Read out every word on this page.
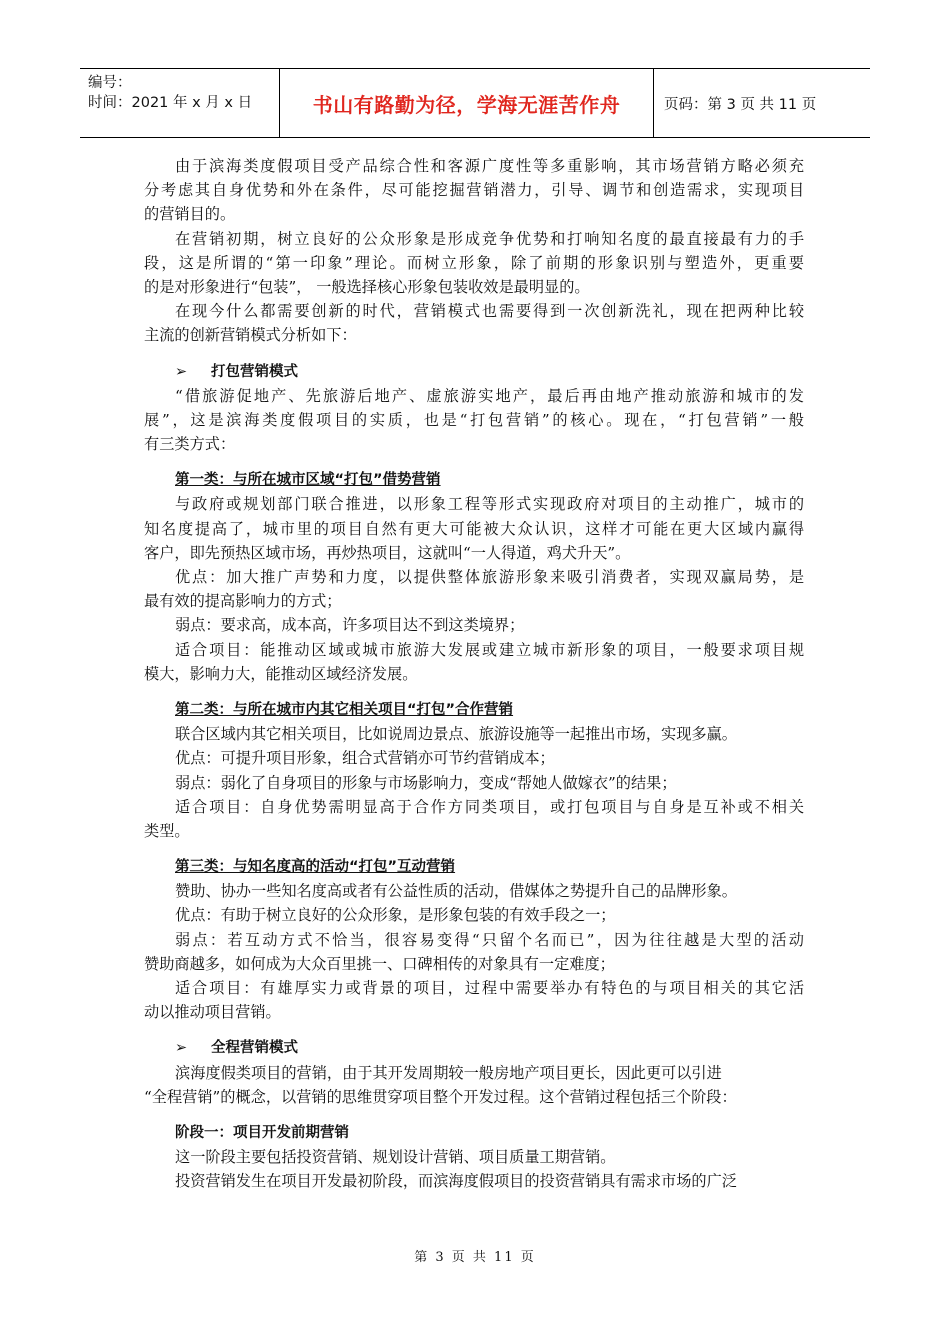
编号：
时间：2021 年 x 月 x 日	书山有路勤为径，学海无涯苦作舟	页码：第 3 页 共 11 页
由于滨海类度假项目受产品综合性和客源广度性等多重影响，其市场营销方略必须充
分考虑其自身优势和外在条件，尽可能挖掘营销潜力，引导、调节和创造需求，实现项目
的营销目的。
在营销初期，树立良好的公众形象是形成竞争优势和打响知名度的最直接最有力的手
段，这是所谓的“第一印象”理论。而树立形象，除了前期的形象识别与塑造外，更重要
的是对形象进行“包装”， 一般选择核心形象包装收效是最明显的。
在现今什么都需要创新的时代，营销模式也需要得到一次创新洗礼，现在把两种比较
主流的创新营销模式分析如下：
➢ 打包营销模式
“借旅游促地产、先旅游后地产、虚旅游实地产，最后再由地产推动旅游和城市的发
展”，这是滨海类度假项目的实质，也是“打包营销”的核心。现在，“打包营销”一般
有三类方式：
第一类：与所在城市区域“打包”借势营销
与政府或规划部门联合推进，以形象工程等形式实现政府对项目的主动推广，城市的
知名度提高了，城市里的项目自然有更大可能被大众认识，这样才可能在更大区域内赢得
客户，即先预热区域市场，再炒热项目，这就叫“一人得道，鸡犬升天”。
优点：加大推广声势和力度，以提供整体旅游形象来吸引消费者，实现双赢局势，是
最有效的提高影响力的方式；
弱点：要求高，成本高，许多项目达不到这类境界；
适合项目：能推动区域或城市旅游大发展或建立城市新形象的项目，一般要求项目规
模大，影响力大，能推动区域经济发展。
第二类：与所在城市内其它相关项目“打包”合作营销
联合区域内其它相关项目，比如说周边景点、旅游设施等一起推出市场，实现多赢。
优点：可提升项目形象，组合式营销亦可节约营销成本；
弱点：弱化了自身项目的形象与市场影响力，变成“帮她人做嫁衣”的结果；
适合项目：自身优势需明显高于合作方同类项目，或打包项目与自身是互补或不相关
类型。
第三类：与知名度高的活动“打包”互动营销
赞助、协办一些知名度高或者有公益性质的活动，借媒体之势提升自己的品牌形象。
优点：有助于树立良好的公众形象，是形象包装的有效手段之一；
弱点：若互动方式不恰当，很容易变得“只留个名而已”，因为往往越是大型的活动
赞助商越多，如何成为大众百里挑一、口碑相传的对象具有一定难度；
适合项目：有雄厚实力或背景的项目，过程中需要举办有特色的与项目相关的其它活
动以推动项目营销。
➢ 全程营销模式
滨海度假类项目的营销，由于其开发周期较一般房地产项目更长，因此更可以引进
“全程营销”的概念，以营销的思维贯穿项目整个开发过程。这个营销过程包括三个阶段：
阶段一：项目开发前期营销
这一阶段主要包括投资营销、规划设计营销、项目质量工期营销。
投资营销发生在项目开发最初阶段，而滨海度假项目的投资营销具有需求市场的广泛
第 3 页 共 11 页
